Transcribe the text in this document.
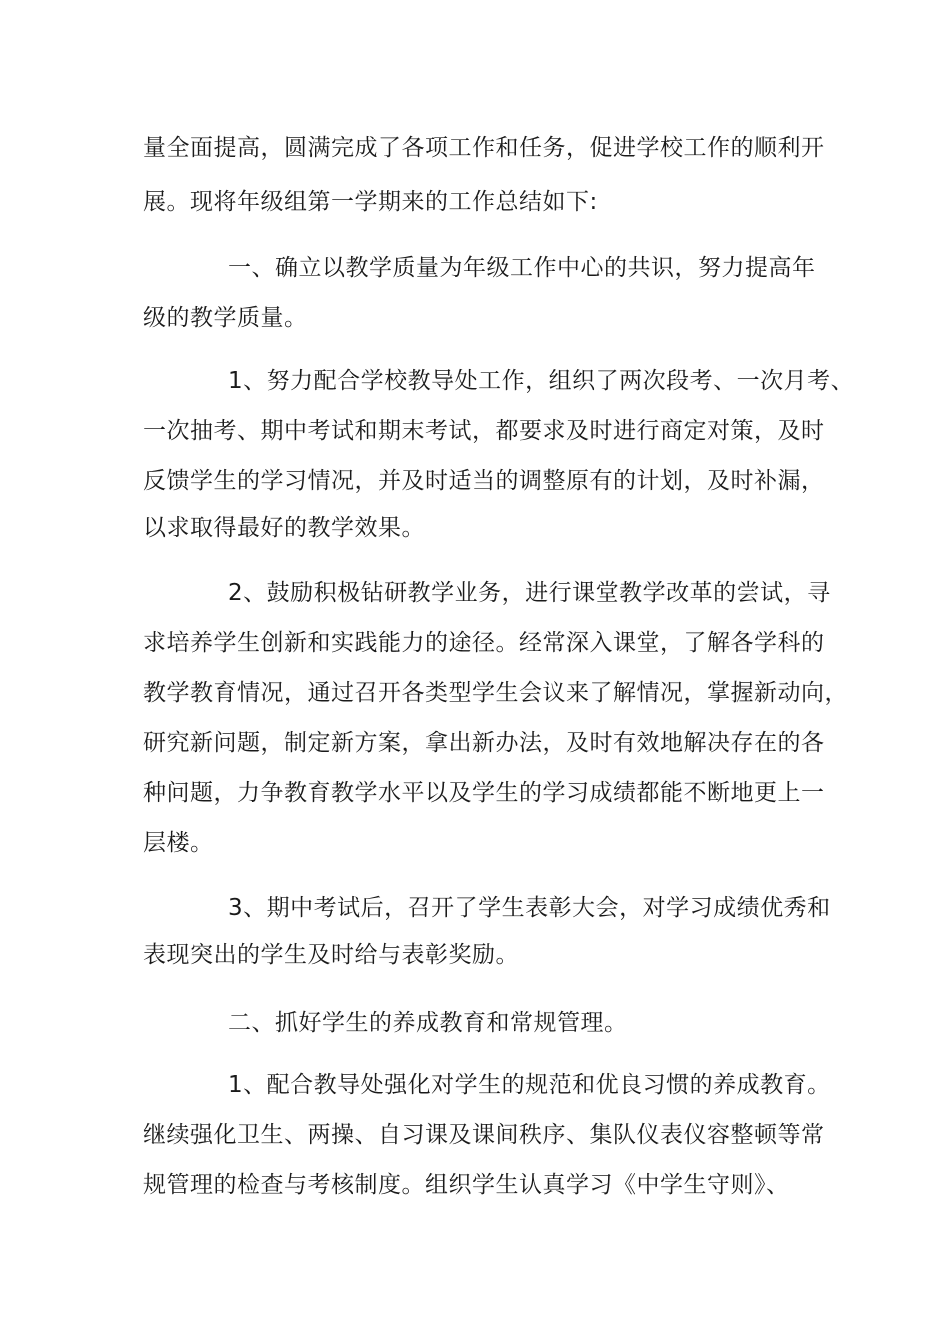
量全面提高，圆满完成了各项工作和任务，促进学校工作的顺利开
展。现将年级组第一学期来的工作总结如下:
一、确立以教学质量为年级工作中心的共识，努力提高年
级的教学质量。
1、努力配合学校教导处工作，组织了两次段考、一次月考、
一次抽考、期中考试和期末考试，都要求及时进行商定对策，及时
反馈学生的学习情况，并及时适当的调整原有的计划，及时补漏，
以求取得最好的教学效果。
2、鼓励积极钻研教学业务，进行课堂教学改革的尝试，寻
求培养学生创新和实践能力的途径。经常深入课堂，了解各学科的
教学教育情况，通过召开各类型学生会议来了解情况，掌握新动向，
研究新问题，制定新方案，拿出新办法，及时有效地解决存在的各
种问题，力争教育教学水平以及学生的学习成绩都能不断地更上一
层楼。
3、期中考试后，召开了学生表彰大会，对学习成绩优秀和
表现突出的学生及时给与表彰奖励。
二、抓好学生的养成教育和常规管理。
1、配合教导处强化对学生的规范和优良习惯的养成教育。
继续强化卫生、两操、自习课及课间秩序、集队仪表仪容整顿等常
规管理的检查与考核制度。组织学生认真学习《中学生守则》、
